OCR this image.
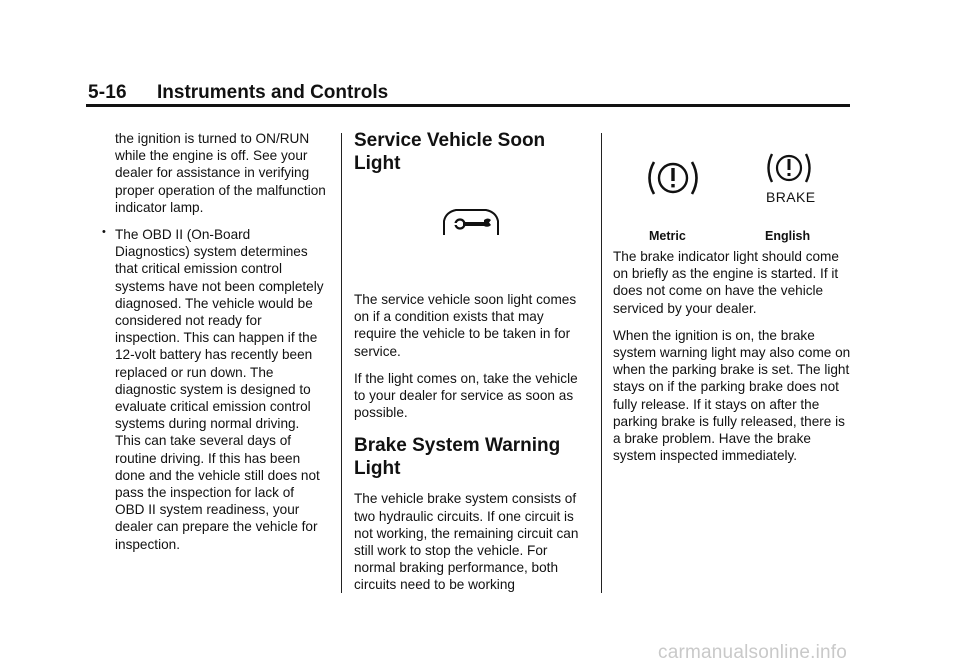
5-16 Instruments and Controls

the ignition is turned to ON/RUN while the engine is off. See your dealer for assistance in verifying proper operation of the malfunction indicator lamp.

• The OBD II (On-Board Diagnostics) system determines that critical emission control systems have not been completely diagnosed. The vehicle would be considered not ready for inspection. This can happen if the 12-volt battery has recently been replaced or run down. The diagnostic system is designed to evaluate critical emission control systems during normal driving. This can take several days of routine driving. If this has been done and the vehicle still does not pass the inspection for lack of OBD II system readiness, your dealer can prepare the vehicle for inspection.

Service Vehicle Soon Light

The service vehicle soon light comes on if a condition exists that may require the vehicle to be taken in for service.

If the light comes on, take the vehicle to your dealer for service as soon as possible.

Brake System Warning Light

The vehicle brake system consists of two hydraulic circuits. If one circuit is not working, the remaining circuit can still work to stop the vehicle. For normal braking performance, both circuits need to be working

BRAKE
Metric	English

The brake indicator light should come on briefly as the engine is started. If it does not come on have the vehicle serviced by your dealer.

When the ignition is on, the brake system warning light may also come on when the parking brake is set. The light stays on if the parking brake does not fully release. If it stays on after the parking brake is fully released, there is a brake problem. Have the brake system inspected immediately.

carmanualsonline.info
